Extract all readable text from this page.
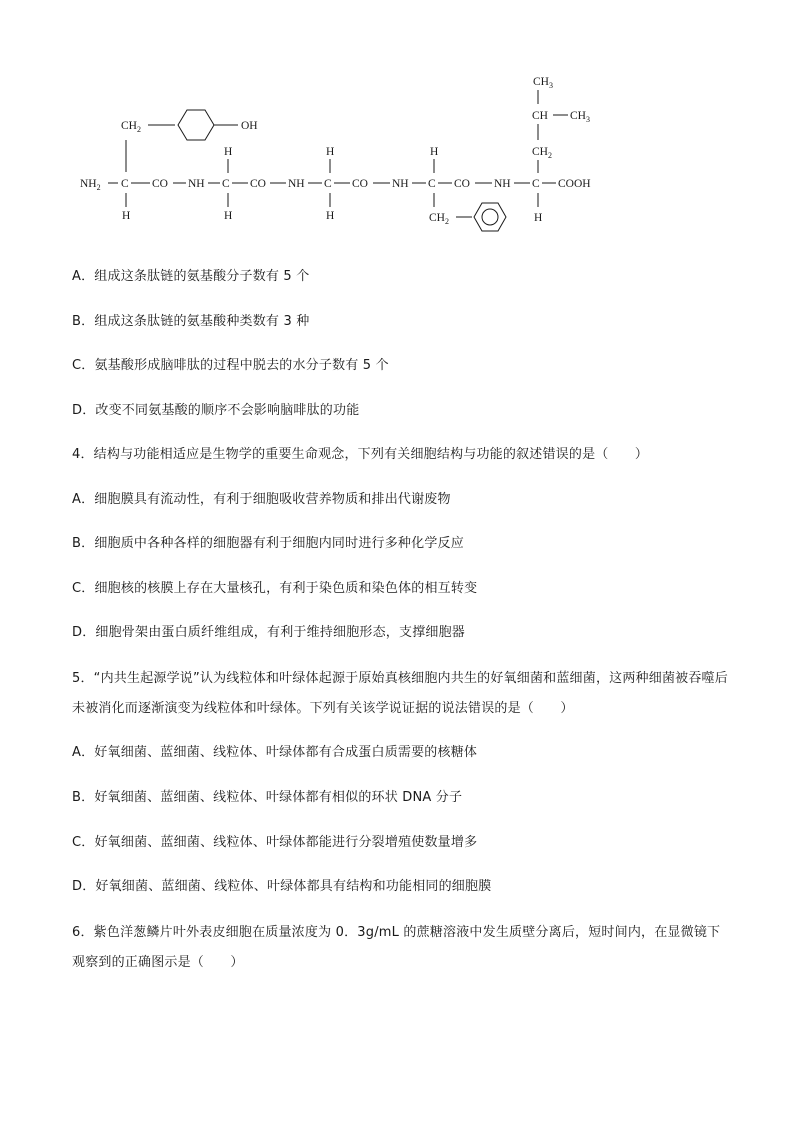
$NH_2$ C CO NH C CO NH C CO NH C CO NH C COOH
$CH_2$	OH
H
H
H
H
H
H
$CH_2$
$CH_3$
CH $CH_3$
$CH_2$
H
A．组成这条肽链的氨基酸分子数有 5 个
B．组成这条肽链的氨基酸种类数有 3 种
C．氨基酸形成脑啡肽的过程中脱去的水分子数有 5 个
D．改变不同氨基酸的顺序不会影响脑啡肽的功能
4．结构与功能相适应是生物学的重要生命观念，下列有关细胞结构与功能的叙述错误的是（　　）
A．细胞膜具有流动性，有利于细胞吸收营养物质和排出代谢废物
B．细胞质中各种各样的细胞器有利于细胞内同时进行多种化学反应
C．细胞核的核膜上存在大量核孔，有利于染色质和染色体的相互转变
D．细胞骨架由蛋白质纤维组成，有利于维持细胞形态，支撑细胞器
5．“内共生起源学说”认为线粒体和叶绿体起源于原始真核细胞内共生的好氧细菌和蓝细菌，这两种细菌被吞噬后未被消化而逐渐演变为线粒体和叶绿体。下列有关该学说证据的说法错误的是（　　）
A．好氧细菌、蓝细菌、线粒体、叶绿体都有合成蛋白质需要的核糖体
B．好氧细菌、蓝细菌、线粒体、叶绿体都有相似的环状 DNA 分子
C．好氧细菌、蓝细菌、线粒体、叶绿体都能进行分裂增殖使数量增多
D．好氧细菌、蓝细菌、线粒体、叶绿体都具有结构和功能相同的细胞膜
6．紫色洋葱鳞片叶外表皮细胞在质量浓度为 0．3g/mL 的蔗糖溶液中发生质壁分离后，短时间内，在显微镜下观察到的正确图示是（　　）
